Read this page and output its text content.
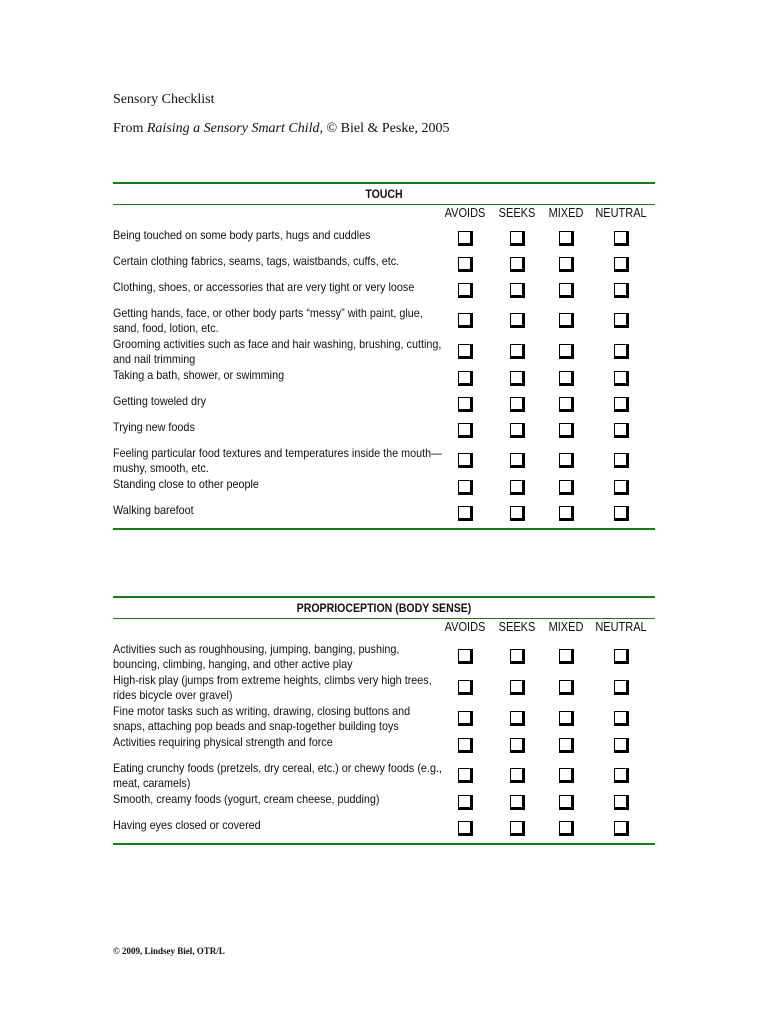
Sensory Checklist
From Raising a Sensory Smart Child, © Biel & Peske, 2005
TOUCH
AVOIDS SEEKS MIXED NEUTRAL
Being touched on some body parts, hugs and cuddles
Certain clothing fabrics, seams, tags, waistbands, cuffs, etc.
Clothing, shoes, or accessories that are very tight or very loose
Getting hands, face, or other body parts “messy” with paint, glue, sand, food, lotion, etc.
Grooming activities such as face and hair washing, brushing, cutting, and nail trimming
Taking a bath, shower, or swimming
Getting toweled dry
Trying new foods
Feeling particular food textures and temperatures inside the mouth—mushy, smooth, etc.
Standing close to other people
Walking barefoot
PROPRIOCEPTION (BODY SENSE)
AVOIDS SEEKS MIXED NEUTRAL
Activities such as roughhousing, jumping, banging, pushing, bouncing, climbing, hanging, and other active play
High-risk play (jumps from extreme heights, climbs very high trees, rides bicycle over gravel)
Fine motor tasks such as writing, drawing, closing buttons and snaps, attaching pop beads and snap-together building toys
Activities requiring physical strength and force
Eating crunchy foods (pretzels, dry cereal, etc.) or chewy foods (e.g., meat, caramels)
Smooth, creamy foods (yogurt, cream cheese, pudding)
Having eyes closed or covered
© 2009, Lindsey Biel, OTR/L
